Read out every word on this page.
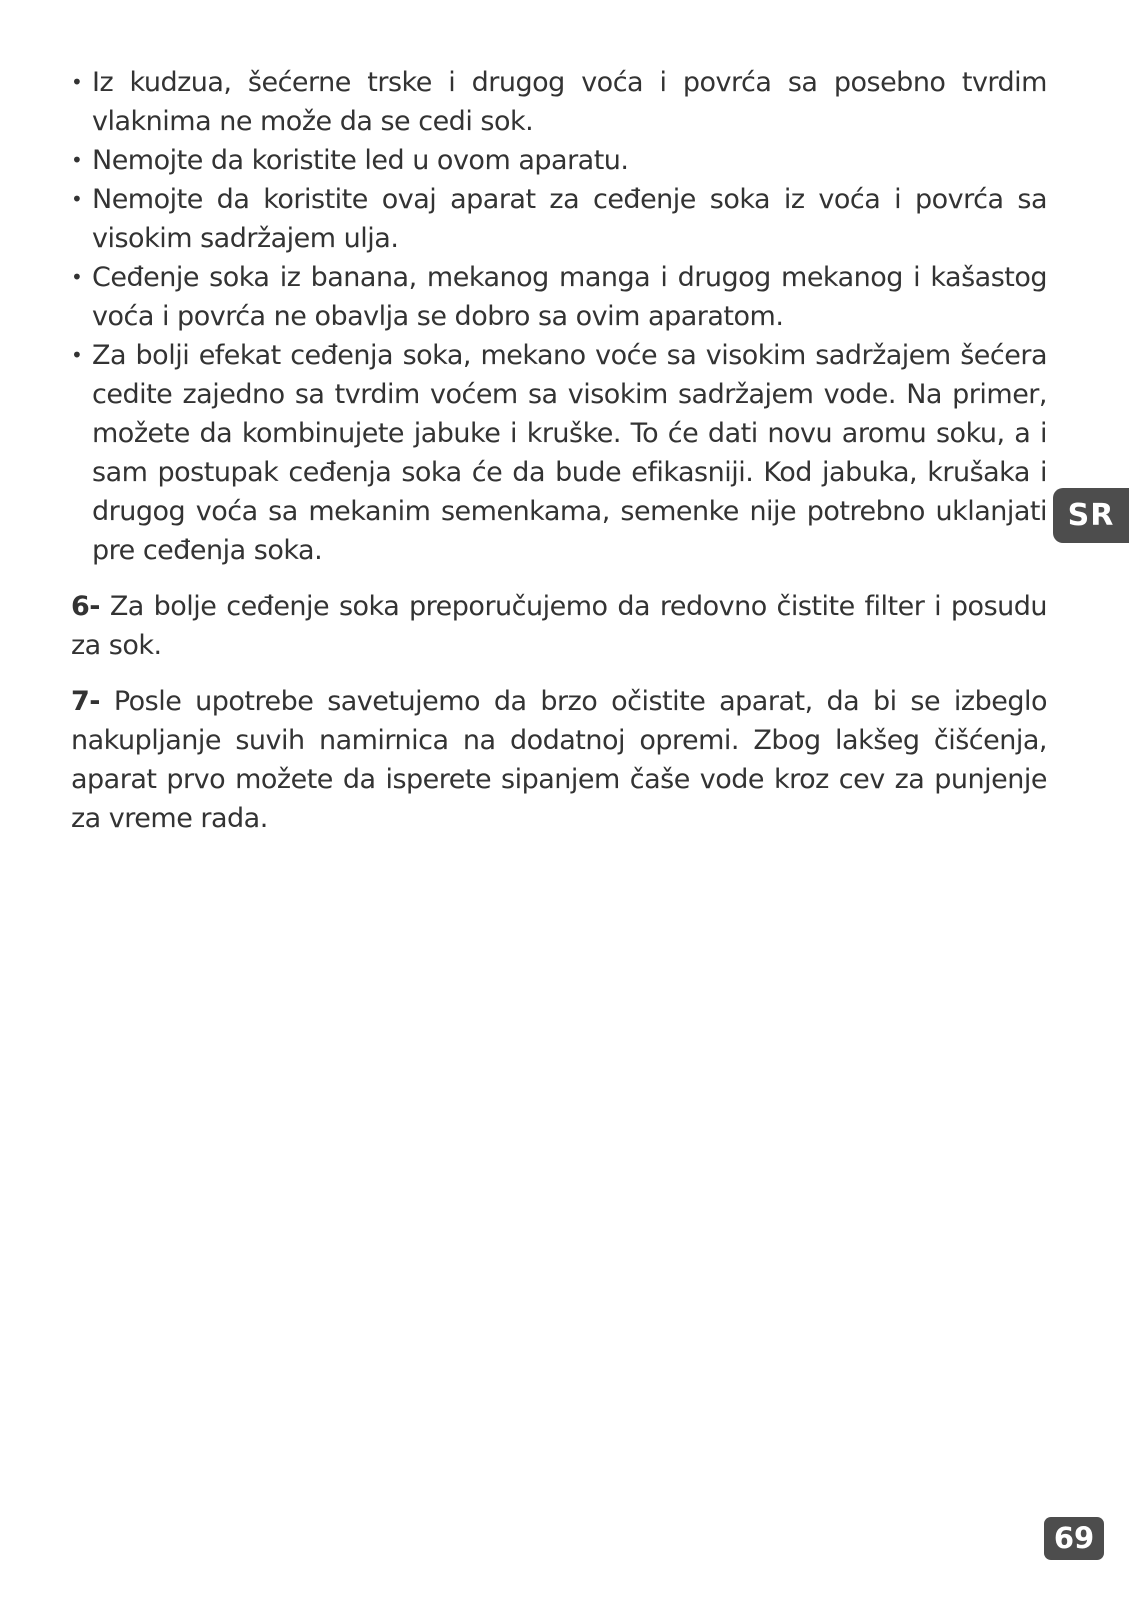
• Iz kudzua, šećerne trske i drugog voća i povrća sa posebno tvrdim vlaknima ne može da se cedi sok.
• Nemojte da koristite led u ovom aparatu.
• Nemojte da koristite ovaj aparat za ceđenje soka iz voća i povrća sa visokim sadržajem ulja.
• Ceđenje soka iz banana, mekanog manga i drugog mekanog i kašastog voća i povrća ne obavlja se dobro sa ovim aparatom.
• Za bolji efekat ceđenja soka, mekano voće sa visokim sadržajem šećera cedite zajedno sa tvrdim voćem sa visokim sadržajem vode. Na primer, možete da kombinujete jabuke i kruške. To će dati novu aromu soku, a i sam postupak ceđenja soka će da bude efikasniji. Kod jabuka, krušaka i drugog voća sa mekanim semenkama, semenke nije potrebno uklanjati pre ceđenja soka.

6- Za bolje ceđenje soka preporučujemo da redovno čistite filter i posudu za sok.

7- Posle upotrebe savetujemo da brzo očistite aparat, da bi se izbeglo nakupljanje suvih namirnica na dodatnoj opremi. Zbog lakšeg čišćenja, aparat prvo možete da isperete sipanjem čaše vode kroz cev za punjenje za vreme rada.

SR
69
